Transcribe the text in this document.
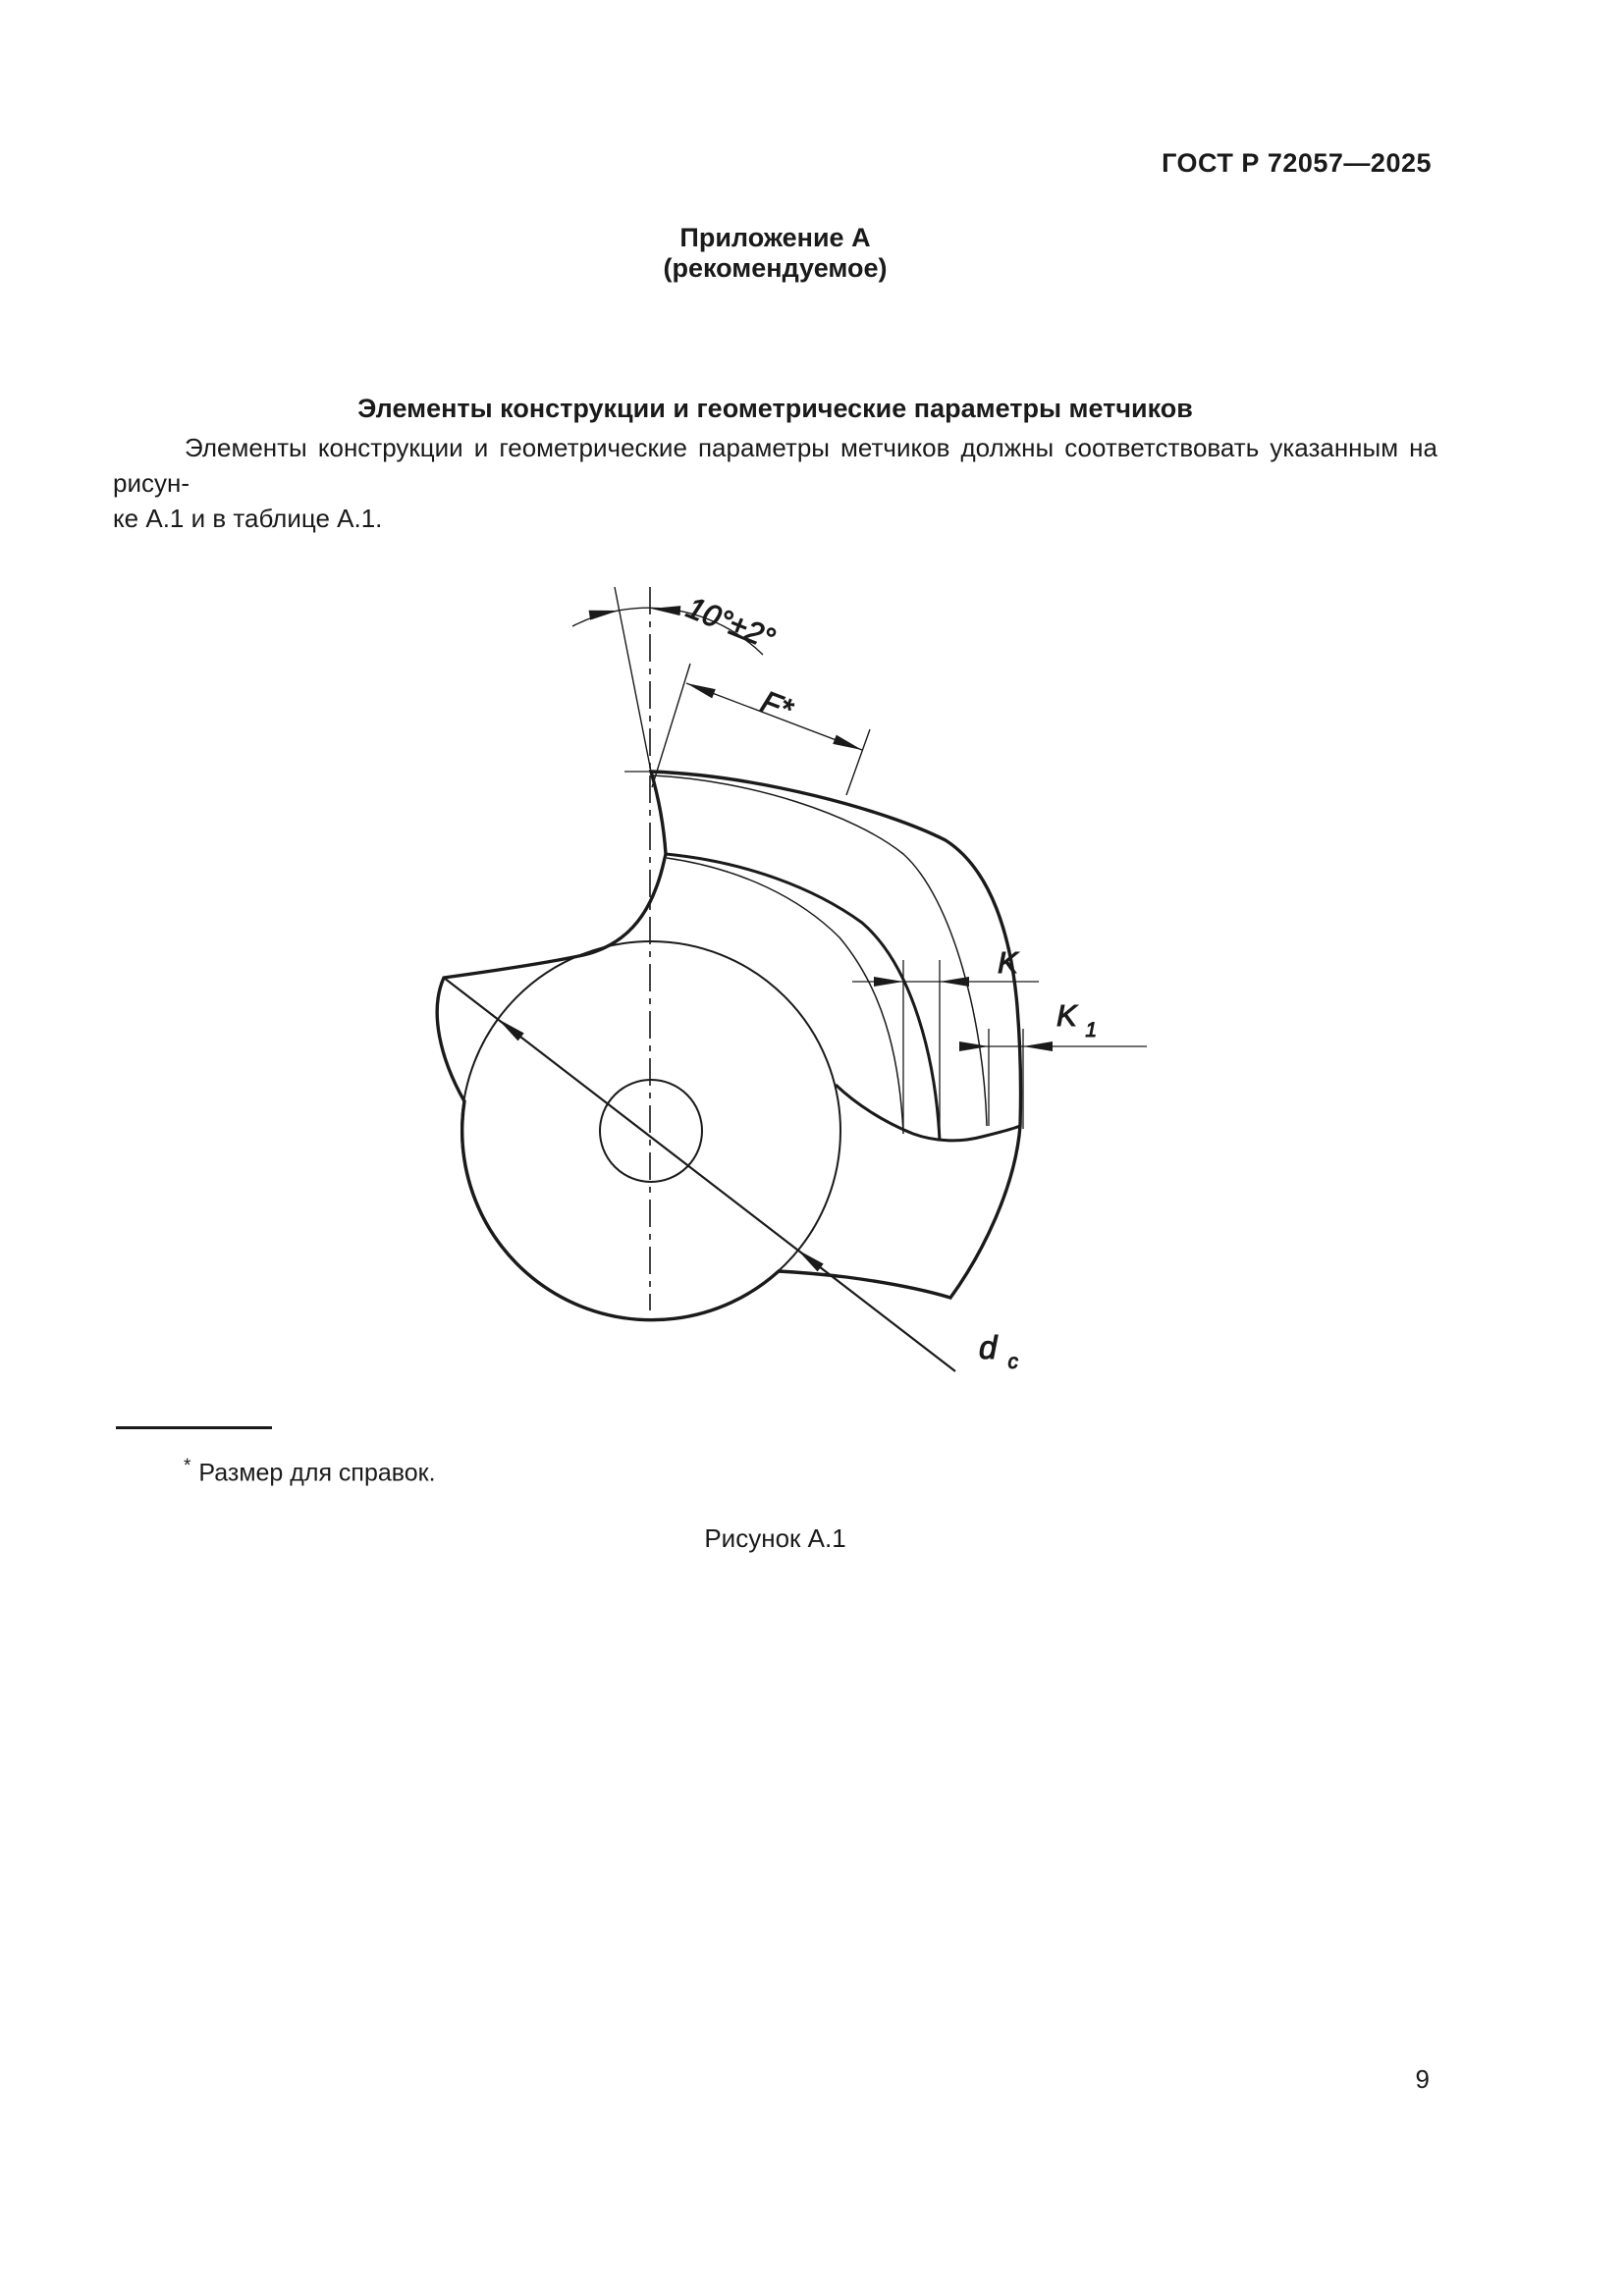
ГОСТ Р 72057—2025
Приложение А
(рекомендуемое)
Элементы конструкции и геометрические параметры метчиков
Элементы конструкции и геометрические параметры метчиков должны соответствовать указанным на рисун-
ке А.1 и в таблице А.1.
10°±2°
F*
K
K $_1$
d $_c$
* Размер для справок.
Рисунок А.1
9
